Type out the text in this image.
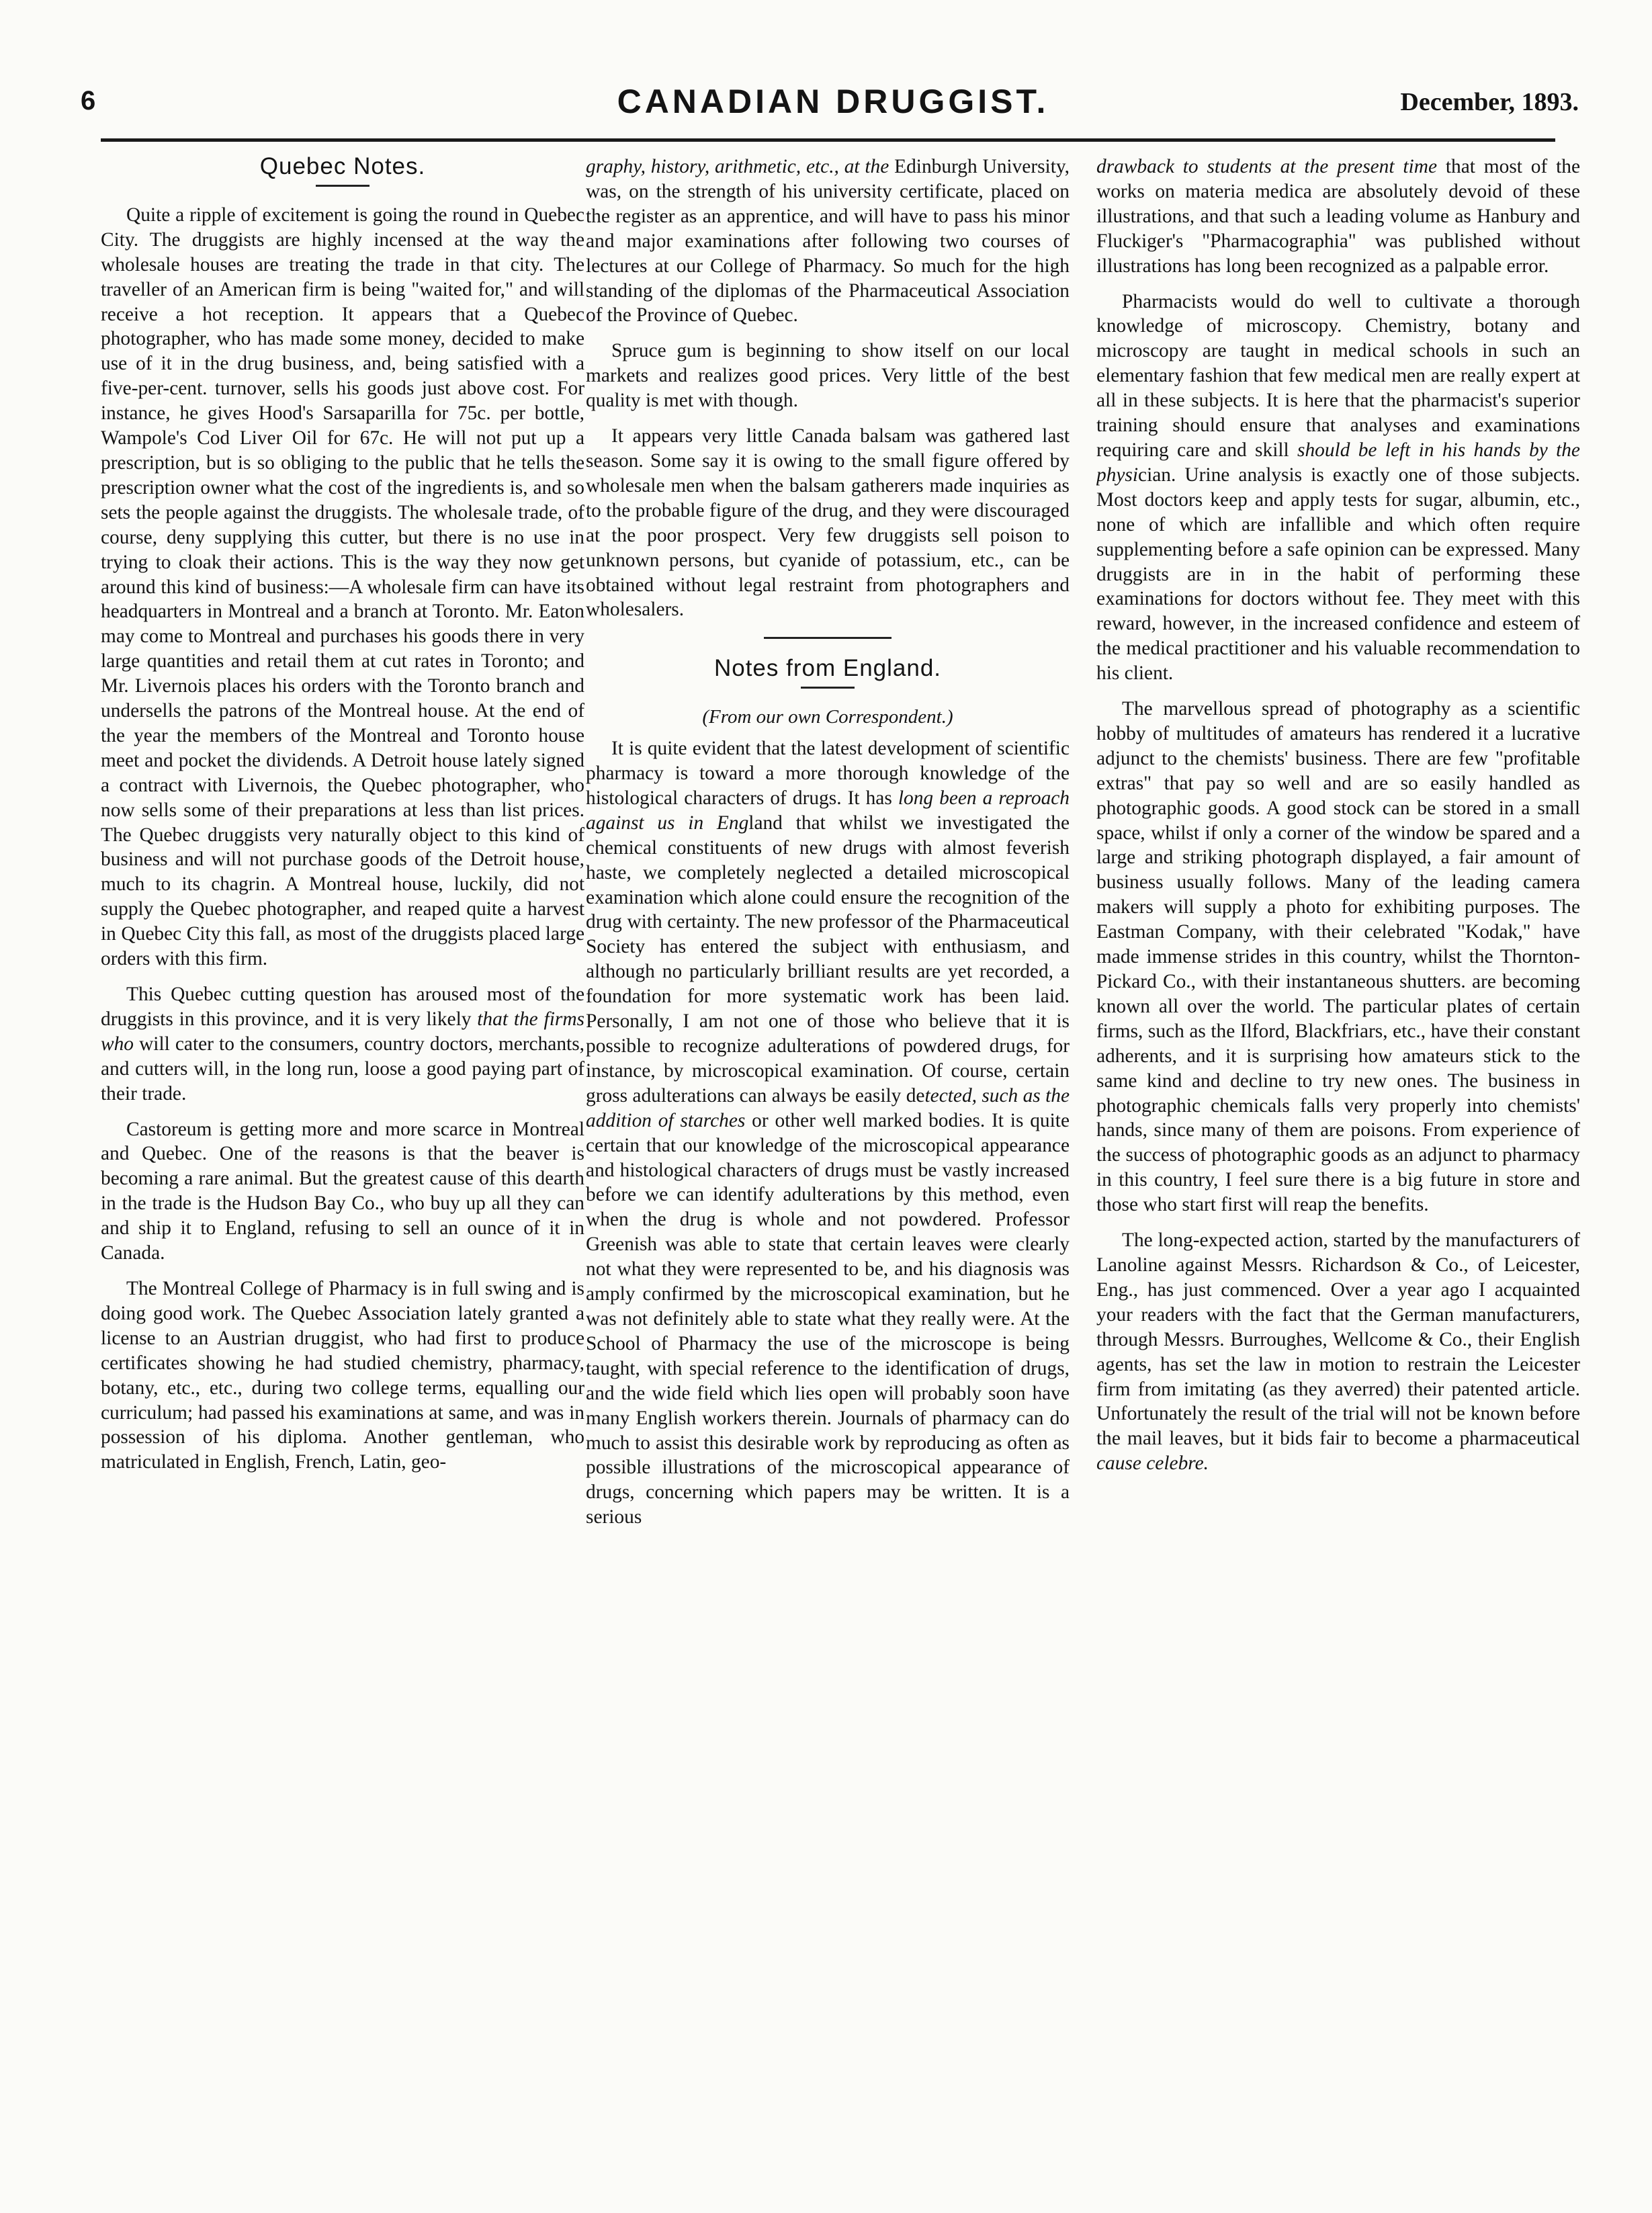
6	CANADIAN DRUGGIST.	December, 1893.
Quebec Notes.

Quite a ripple of excitement is going the round in Quebec City. The druggists are highly incensed at the way the wholesale houses are treating the trade in that city. The traveller of an American firm is being "waited for," and will receive a hot reception. It appears that a Quebec photographer, who has made some money, decided to make use of it in the drug business, and, being satisfied with a five-per-cent. turnover, sells his goods just above cost. For instance, he gives Hood's Sarsaparilla for 75c. per bottle, Wampole's Cod Liver Oil for 67c. He will not put up a prescription, but is so obliging to the public that he tells the prescription owner what the cost of the ingredients is, and so sets the people against the druggists. The wholesale trade, of course, deny supplying this cutter, but there is no use in trying to cloak their actions. This is the way they now get around this kind of business:—A wholesale firm can have its headquarters in Montreal and a branch at Toronto. Mr. Eaton may come to Montreal and purchases his goods there in very large quantities and retail them at cut rates in Toronto; and Mr. Livernois places his orders with the Toronto branch and undersells the patrons of the Montreal house. At the end of the year the members of the Montreal and Toronto house meet and pocket the dividends. A Detroit house lately signed a contract with Livernois, the Quebec photographer, who now sells some of their preparations at less than list prices. The Quebec druggists very naturally object to this kind of business and will not purchase goods of the Detroit house, much to its chagrin. A Montreal house, luckily, did not supply the Quebec photographer, and reaped quite a harvest in Quebec City this fall, as most of the druggists placed large orders with this firm.

This Quebec cutting question has aroused most of the druggists in this province, and it is very likely that the firms who will cater to the consumers, country doctors, merchants, and cutters will, in the long run, loose a good paying part of their trade.

Castoreum is getting more and more scarce in Montreal and Quebec. One of the reasons is that the beaver is becoming a rare animal. But the greatest cause of this dearth in the trade is the Hudson Bay Co., who buy up all they can and ship it to England, refusing to sell an ounce of it in Canada.

The Montreal College of Pharmacy is in full swing and is doing good work. The Quebec Association lately granted a license to an Austrian druggist, who had first to produce certificates showing he had studied chemistry, pharmacy, botany, etc., etc., during two college terms, equalling our curriculum; had passed his examinations at same, and was in possession of his diploma. Another gentleman, who matriculated in English, French, Latin, geo-

graphy, history, arithmetic, etc., at the Edinburgh University, was, on the strength of his university certificate, placed on the register as an apprentice, and will have to pass his minor and major examinations after following two courses of lectures at our College of Pharmacy. So much for the high standing of the diplomas of the Pharmaceutical Association of the Province of Quebec.

Spruce gum is beginning to show itself on our local markets and realizes good prices. Very little of the best quality is met with though.

It appears very little Canada balsam was gathered last season. Some say it is owing to the small figure offered by wholesale men when the balsam gatherers made inquiries as to the probable figure of the drug, and they were discouraged at the poor prospect. Very few druggists sell poison to unknown persons, but cyanide of potassium, etc., can be obtained without legal restraint from photographers and wholesalers.

Notes from England.
(From our own Correspondent.)

It is quite evident that the latest development of scientific pharmacy is toward a more thorough knowledge of the histological characters of drugs. It has long been a reproach against us in England that whilst we investigated the chemical constituents of new drugs with almost feverish haste, we completely neglected a detailed microscopical examination which alone could ensure the recognition of the drug with certainty. The new professor of the Pharmaceutical Society has entered the subject with enthusiasm, and although no particularly brilliant results are yet recorded, a foundation for more systematic work has been laid. Personally, I am not one of those who believe that it is possible to recognize adulterations of powdered drugs, for instance, by microscopical examination. Of course, certain gross adulterations can always be easily detected, such as the addition of starches or other well marked bodies. It is quite certain that our knowledge of the microscopical appearance and histological characters of drugs must be vastly increased before we can identify adulterations by this method, even when the drug is whole and not powdered. Professor Greenish was able to state that certain leaves were clearly not what they were represented to be, and his diagnosis was amply confirmed by the microscopical examination, but he was not definitely able to state what they really were. At the School of Pharmacy the use of the microscope is being taught, with special reference to the identification of drugs, and the wide field which lies open will probably soon have many English workers therein. Journals of pharmacy can do much to assist this desirable work by reproducing as often as possible illustrations of the microscopical appearance of drugs, concerning which papers may be written. It is a serious

drawback to students at the present time that most of the works on materia medica are absolutely devoid of these illustrations, and that such a leading volume as Hanbury and Fluckiger's "Pharmacographia" was published without illustrations has long been recognized as a palpable error.

Pharmacists would do well to cultivate a thorough knowledge of microscopy. Chemistry, botany and microscopy are taught in medical schools in such an elementary fashion that few medical men are really expert at all in these subjects. It is here that the pharmacist's superior training should ensure that analyses and examinations requiring care and skill should be left in his hands by the physician. Urine analysis is exactly one of those subjects. Most doctors keep and apply tests for sugar, albumin, etc., none of which are infallible and which often require supplementing before a safe opinion can be expressed. Many druggists are in in the habit of performing these examinations for doctors without fee. They meet with this reward, however, in the increased confidence and esteem of the medical practitioner and his valuable recommendation to his client.

The marvellous spread of photography as a scientific hobby of multitudes of amateurs has rendered it a lucrative adjunct to the chemists' business. There are few "profitable extras" that pay so well and are so easily handled as photographic goods. A good stock can be stored in a small space, whilst if only a corner of the window be spared and a large and striking photograph displayed, a fair amount of business usually follows. Many of the leading camera makers will supply a photo for exhibiting purposes. The Eastman Company, with their celebrated "Kodak," have made immense strides in this country, whilst the Thornton-Pickard Co., with their instantaneous shutters. are becoming known all over the world. The particular plates of certain firms, such as the Ilford, Blackfriars, etc., have their constant adherents, and it is surprising how amateurs stick to the same kind and decline to try new ones. The business in photographic chemicals falls very properly into chemists' hands, since many of them are poisons. From experience of the success of photographic goods as an adjunct to pharmacy in this country, I feel sure there is a big future in store and those who start first will reap the benefits.

The long-expected action, started by the manufacturers of Lanoline against Messrs. Richardson & Co., of Leicester, Eng., has just commenced. Over a year ago I acquainted your readers with the fact that the German manufacturers, through Messrs. Burroughes, Wellcome & Co., their English agents, has set the law in motion to restrain the Leicester firm from imitating (as they averred) their patented article. Unfortunately the result of the trial will not be known before the mail leaves, but it bids fair to become a pharmaceutical cause celebre.
